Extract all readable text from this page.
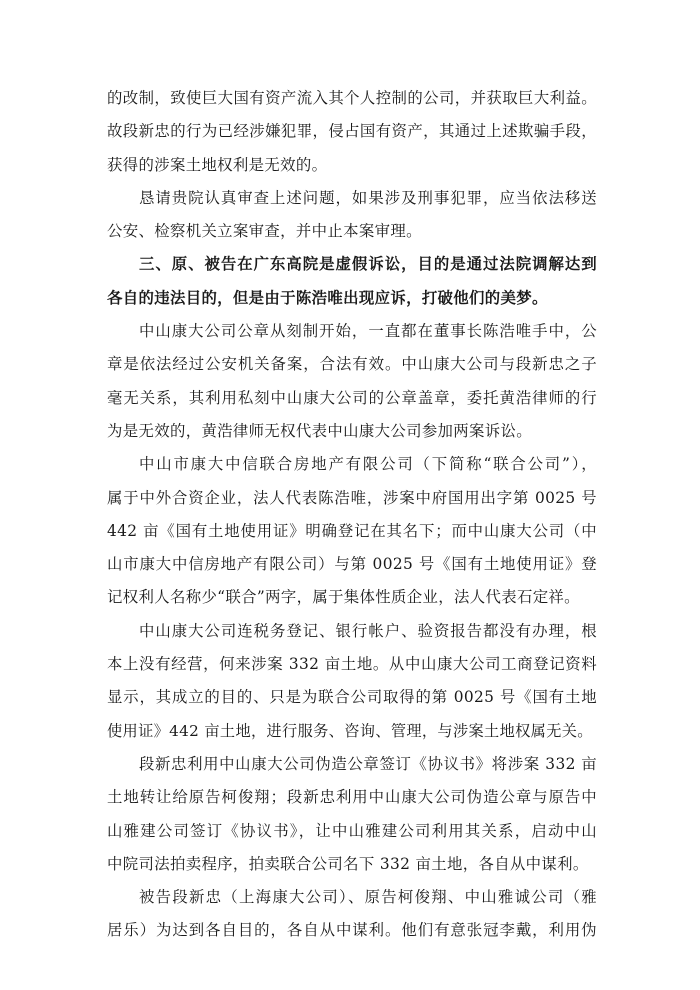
的改制，致使巨大国有资产流入其个人控制的公司，并获取巨大利益。
故段新忠的行为已经涉嫌犯罪，侵占国有资产，其通过上述欺骗手段，
获得的涉案土地权利是无效的。

恳请贵院认真审查上述问题，如果涉及刑事犯罪，应当依法移送
公安、检察机关立案审查，并中止本案审理。

三、原、被告在广东高院是虚假诉讼，目的是通过法院调解达到
各自的违法目的，但是由于陈浩唯出现应诉，打破他们的美梦。

中山康大公司公章从刻制开始，一直都在董事长陈浩唯手中，公
章是依法经过公安机关备案，合法有效。中山康大公司与段新忠之子
毫无关系，其利用私刻中山康大公司的公章盖章，委托黄浩律师的行
为是无效的，黄浩律师无权代表中山康大公司参加两案诉讼。

中山市康大中信联合房地产有限公司（下简称“联合公司”），
属于中外合资企业，法人代表陈浩唯，涉案中府国用出字第 0025 号
442 亩《国有土地使用证》明确登记在其名下；而中山康大公司（中
山市康大中信房地产有限公司）与第 0025 号《国有土地使用证》登
记权利人名称少“联合”两字，属于集体性质企业，法人代表石定祥。

中山康大公司连税务登记、银行帐户、验资报告都没有办理，根
本上没有经营，何来涉案 332 亩土地。从中山康大公司工商登记资料
显示，其成立的目的、只是为联合公司取得的第 0025 号《国有土地
使用证》442 亩土地，进行服务、咨询、管理，与涉案土地权属无关。

段新忠利用中山康大公司伪造公章签订《协议书》将涉案 332 亩
土地转让给原告柯俊翔；段新忠利用中山康大公司伪造公章与原告中
山雅建公司签订《协议书》，让中山雅建公司利用其关系，启动中山
中院司法拍卖程序，拍卖联合公司名下 332 亩土地，各自从中谋利。

被告段新忠（上海康大公司）、原告柯俊翔、中山雅诚公司（雅
居乐）为达到各自目的，各自从中谋利。他们有意张冠李戴，利用伪
